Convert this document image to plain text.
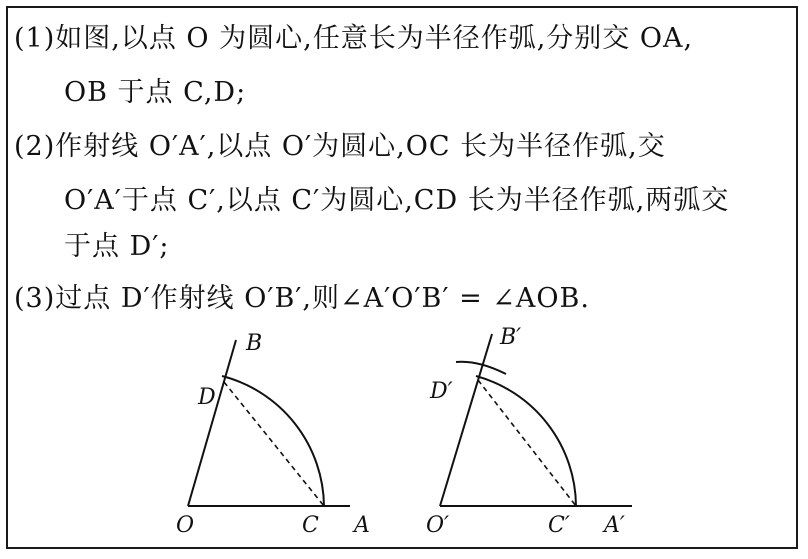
(1)如图,以点 O 为圆心,任意长为半径作弧,分别交 OA,
OB 于点 C,D;
(2)作射线 O′A′,以点 O′为圆心,OC 长为半径作弧,交
O′A′于点 C′,以点 C′为圆心,CD 长为半径作弧,两弧交
于点 D′;
(3)过点 D′作射线 O′B′,则∠A′O′B′ = ∠AOB.
B
D
O	C A
B′
D′
O′	C′ A′
